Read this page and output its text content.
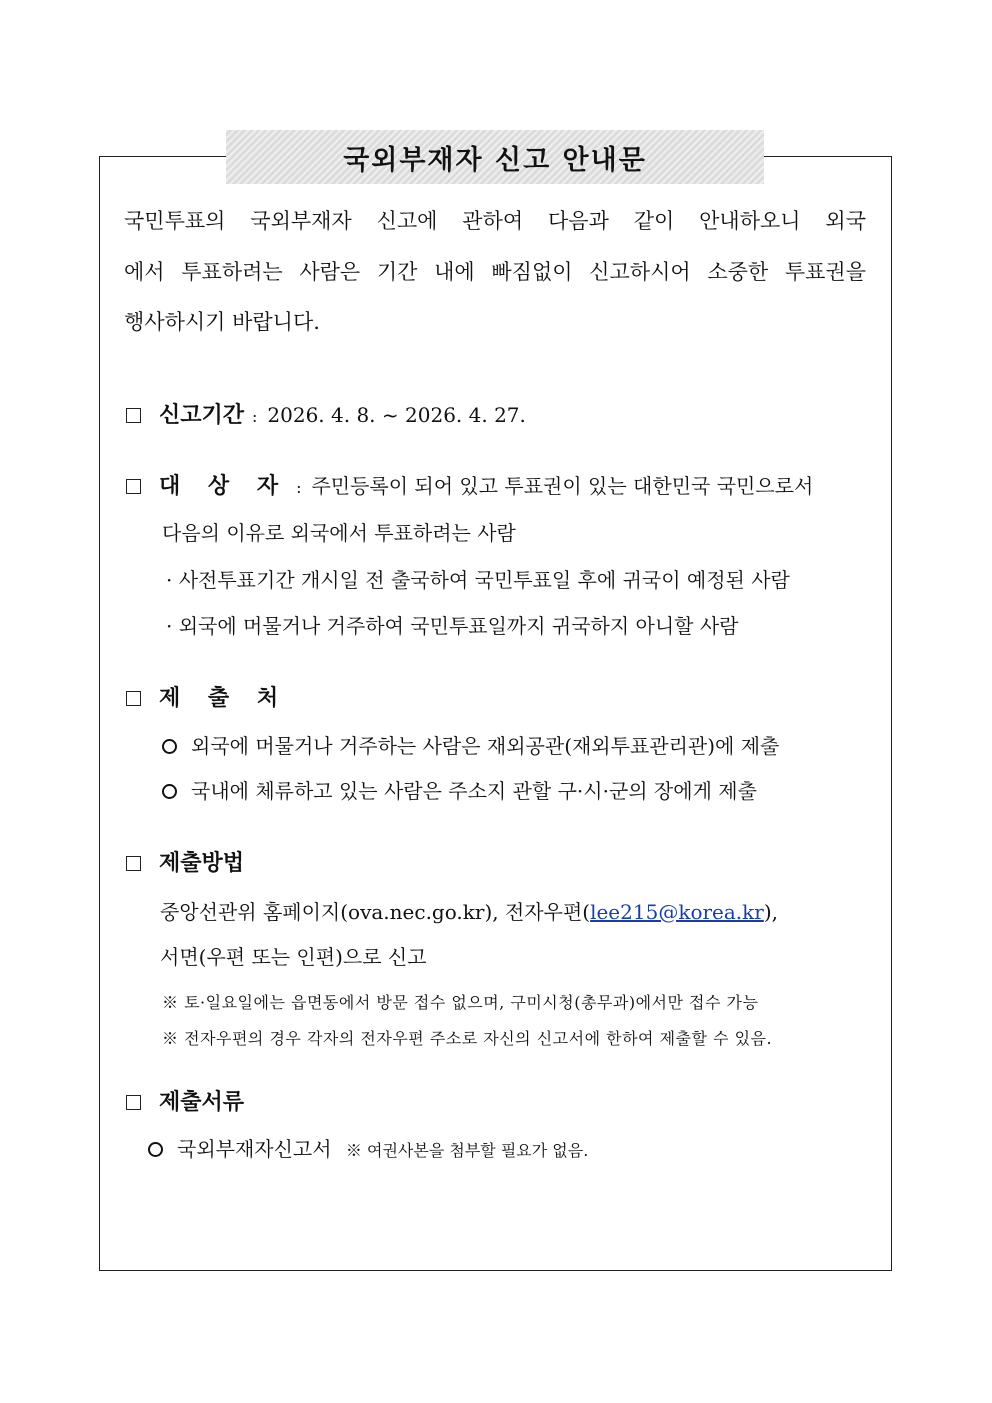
국외부재자 신고 안내문
국민투표의 국외부재자 신고에 관하여 다음과 같이 안내하오니 외국
에서 투표하려는 사람은 기간 내에 빠짐없이 신고하시어 소중한 투표권을
행사하시기 바랍니다.
신고기간 : 2026. 4. 8. ~ 2026. 4. 27.
대 상 자 : 주민등록이 되어 있고 투표권이 있는 대한민국 국민으로서
다음의 이유로 외국에서 투표하려는 사람
· 사전투표기간 개시일 전 출국하여 국민투표일 후에 귀국이 예정된 사람
· 외국에 머물거나 거주하여 국민투표일까지 귀국하지 아니할 사람
제 출 처
외국에 머물거나 거주하는 사람은 재외공관(재외투표관리관)에 제출
국내에 체류하고 있는 사람은 주소지 관할 구·시·군의 장에게 제출
제출방법
중앙선관위 홈페이지(ova.nec.go.kr), 전자우편(lee215@korea.kr),
서면(우편 또는 인편)으로 신고
※ 토·일요일에는 읍면동에서 방문 접수 없으며, 구미시청(총무과)에서만 접수 가능
※ 전자우편의 경우 각자의 전자우편 주소로 자신의 신고서에 한하여 제출할 수 있음.
제출서류
국외부재자신고서 ※ 여권사본을 첨부할 필요가 없음.
